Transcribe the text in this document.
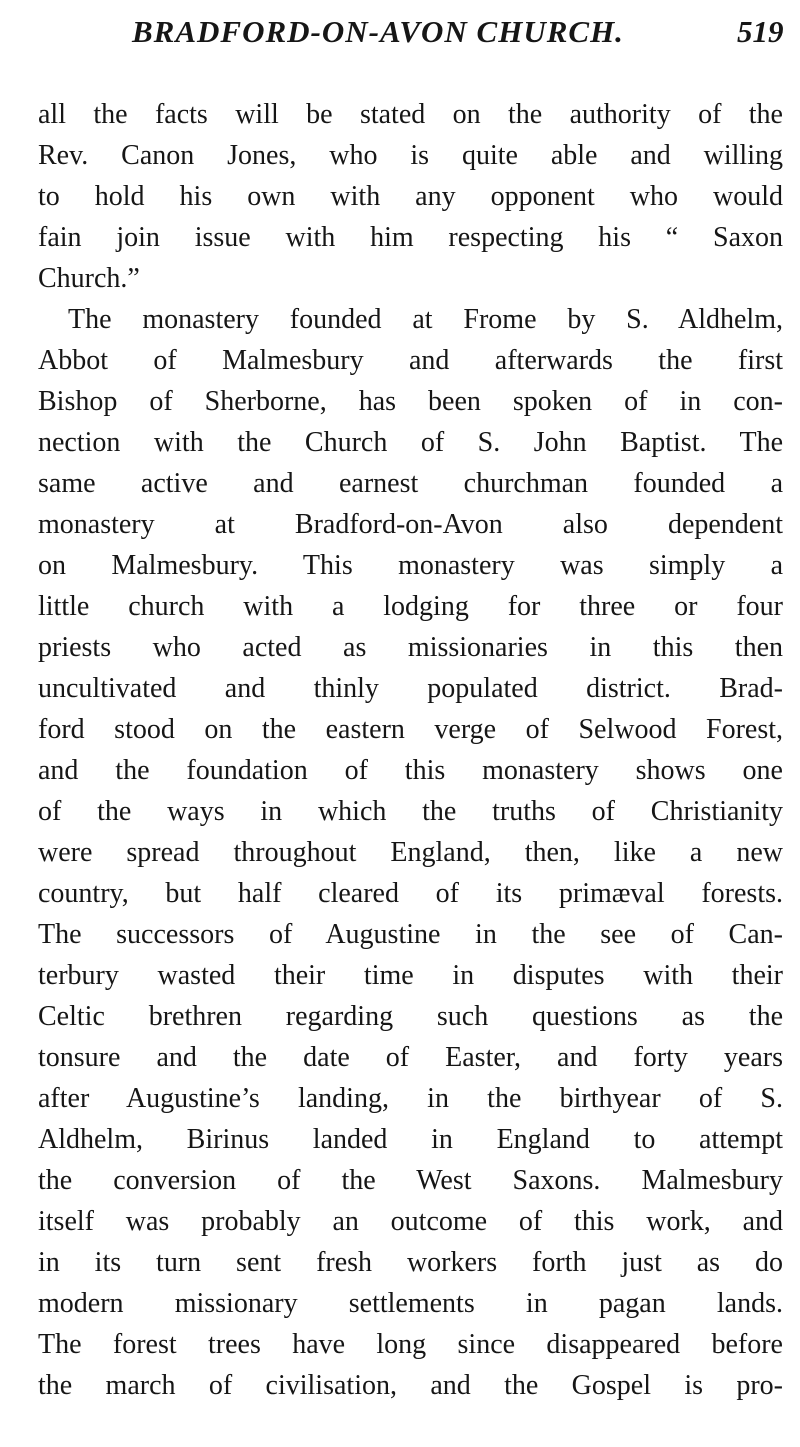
BRADFORD-ON-AVON CHURCH.	519
all the facts will be stated on the authority of the
Rev. Canon Jones, who is quite able and willing
to hold his own with any opponent who would
fain join issue with him respecting his “ Saxon
Church.”
The monastery founded at Frome by S. Aldhelm,
Abbot of Malmesbury and afterwards the first
Bishop of Sherborne, has been spoken of in con-
nection with the Church of S. John Baptist. The
same active and earnest churchman founded a
monastery at Bradford-on-Avon also dependent
on Malmesbury. This monastery was simply a
little church with a lodging for three or four
priests who acted as missionaries in this then
uncultivated and thinly populated district. Brad-
ford stood on the eastern verge of Selwood Forest,
and the foundation of this monastery shows one
of the ways in which the truths of Christianity
were spread throughout England, then, like a new
country, but half cleared of its primæval forests.
The successors of Augustine in the see of Can-
terbury wasted their time in disputes with their
Celtic brethren regarding such questions as the
tonsure and the date of Easter, and forty years
after Augustine’s landing, in the birthyear of S.
Aldhelm, Birinus landed in England to attempt
the conversion of the West Saxons. Malmesbury
itself was probably an outcome of this work, and
in its turn sent fresh workers forth just as do
modern missionary settlements in pagan lands.
The forest trees have long since disappeared before
the march of civilisation, and the Gospel is pro-
